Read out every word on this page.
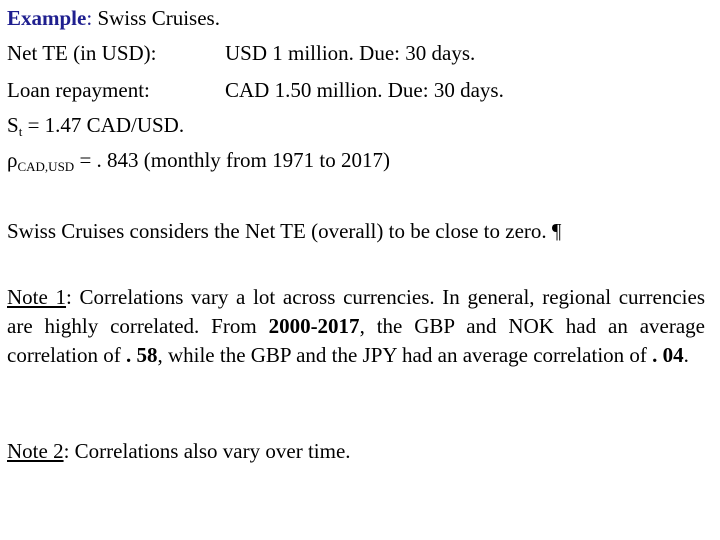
Example: Swiss Cruises.
Net TE (in USD):	USD 1 million. Due: 30 days.
Loan repayment:	CAD 1.50 million. Due: 30 days.
$S_t = 1.47$ CAD/USD.
$\rho_{CAD,USD}$ = . 843 (monthly from 1971 to 2017)
Swiss Cruises considers the Net TE (overall) to be close to zero. ¶
Note 1: Correlations vary a lot across currencies. In general, regional currencies are highly correlated. From 2000-2017, the GBP and NOK had an average correlation of . 58, while the GBP and the JPY had an average correlation of . 04.
Note 2: Correlations also vary over time.
